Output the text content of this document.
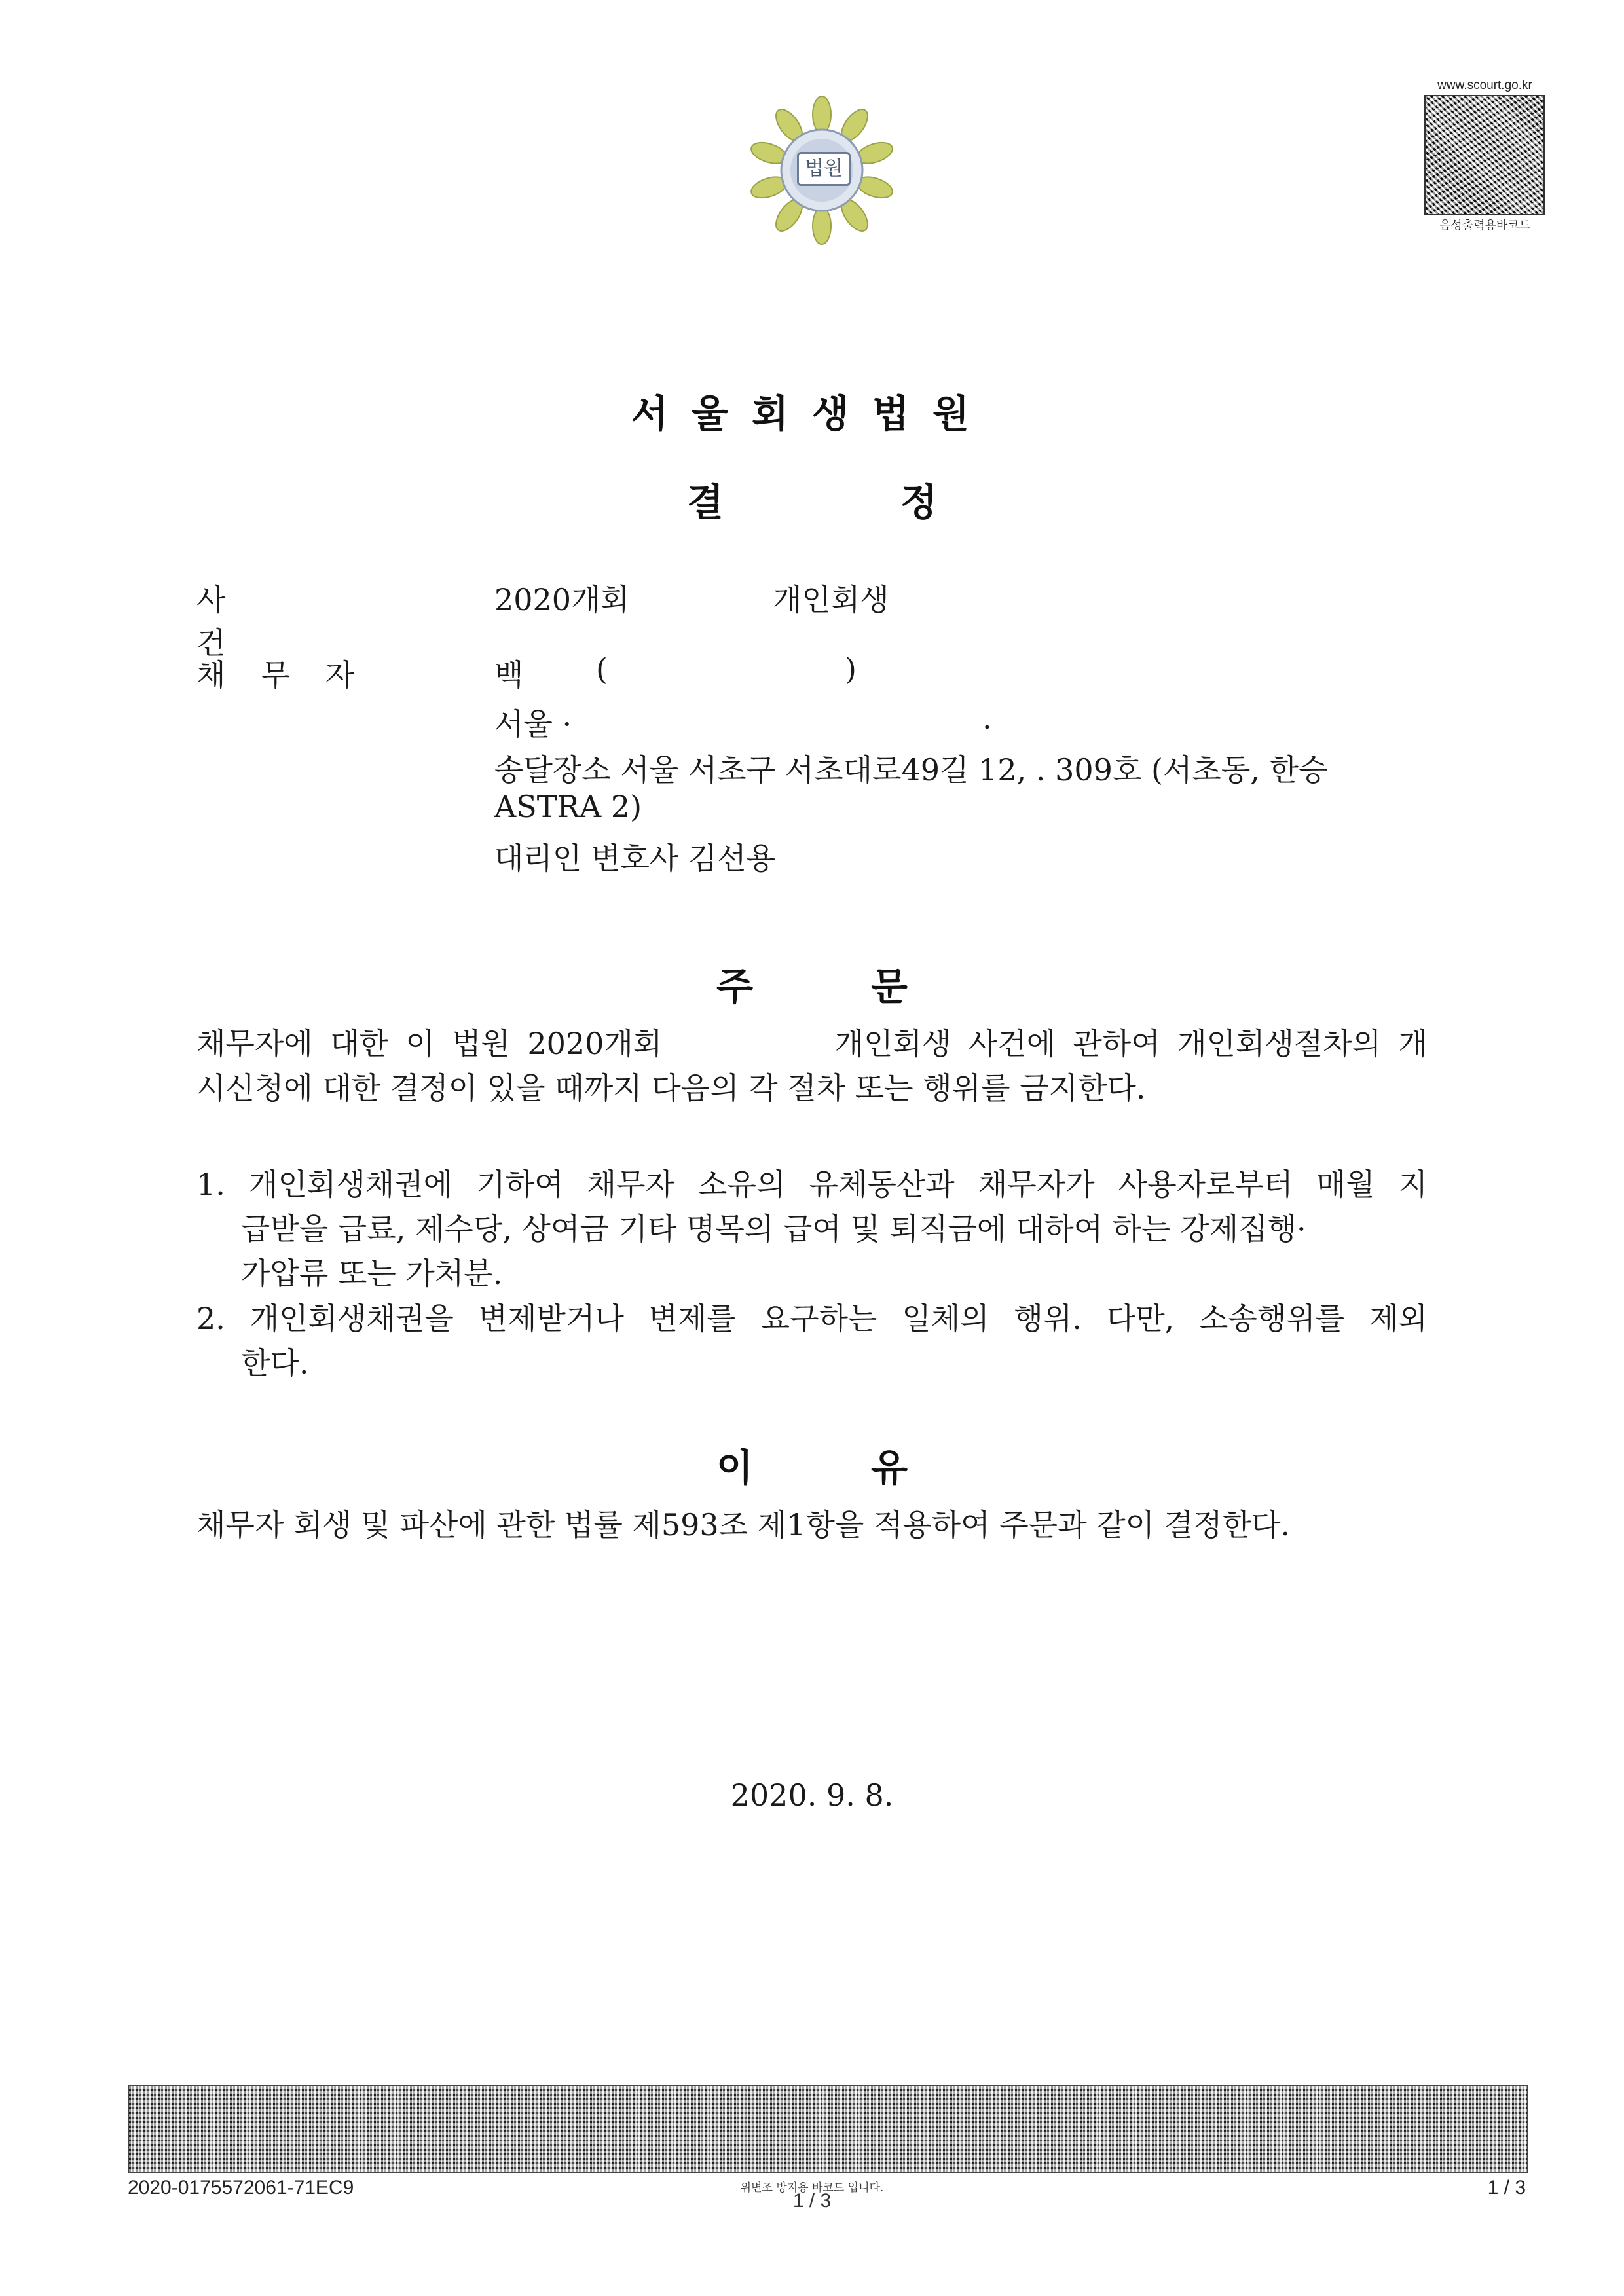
법원
www.scourt.go.kr
음성출력용바코드
서울회생법원
결	정
사건
2020개회	개인회생
채무자	백 (	)
서울 ·	.
송달장소 서울 서초구 서초대로49길 12, . 309호 (서초동, 한승
ASTRA 2)
대리인 변호사 김선용
주	문

채무자에 대한 이 법원 2020개회          개인회생 사건에 관하여 개인회생절차의 개

시신청에 대한 결정이 있을 때까지 다음의 각 절차 또는 행위를 금지한다.

1. 개인회생채권에 기하여 채무자 소유의 유체동산과 채무자가 사용자로부터 매월 지
급받을 급료, 제수당, 상여금 기타 명목의 급여 및 퇴직금에 대하여 하는 강제집행·
가압류 또는 가처분.
2. 개인회생채권을 변제받거나 변제를 요구하는 일체의 행위. 다만, 소송행위를 제외
한다.
이	유
채무자 회생 및 파산에 관한 법률 제593조 제1항을 적용하여 주문과 같이 결정한다.
2020. 9. 8.
2020-0175572061-71EC9	위변조 방지용 바코드 입니다.
1 / 3
1 / 3
